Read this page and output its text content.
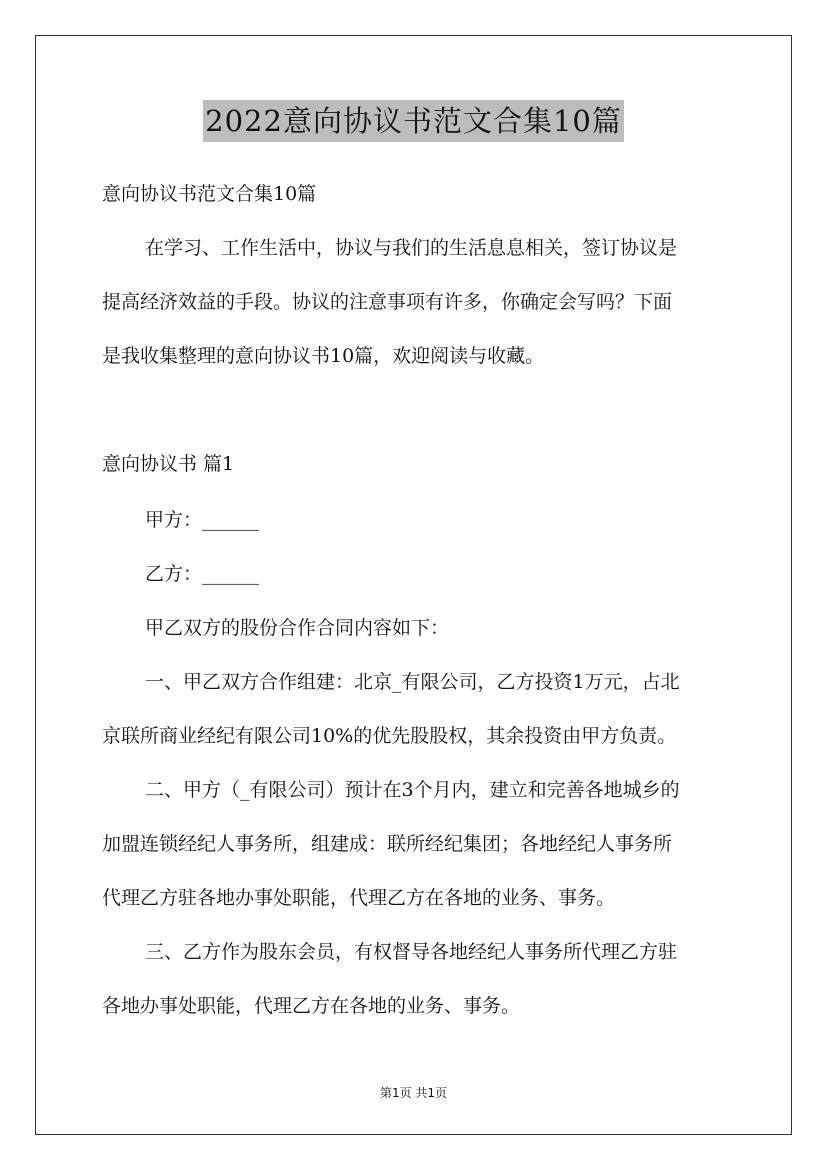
2022意向协议书范文合集10篇
意向协议书范文合集10篇
在学习、工作生活中，协议与我们的生活息息相关，签订协议是
提高经济效益的手段。协议的注意事项有许多，你确定会写吗？下面
是我收集整理的意向协议书10篇，欢迎阅读与收藏。
意向协议书 篇1
甲方：______
乙方：______
甲乙双方的股份合作合同内容如下：
一、甲乙双方合作组建：北京_有限公司，乙方投资1万元，占北
京联所商业经纪有限公司10%的优先股股权，其余投资由甲方负责。
二、甲方（_有限公司）预计在3个月内，建立和完善各地城乡的
加盟连锁经纪人事务所，组建成：联所经纪集团；各地经纪人事务所
代理乙方驻各地办事处职能，代理乙方在各地的业务、事务。
三、乙方作为股东会员，有权督导各地经纪人事务所代理乙方驻
各地办事处职能，代理乙方在各地的业务、事务。
第1页 共1页
